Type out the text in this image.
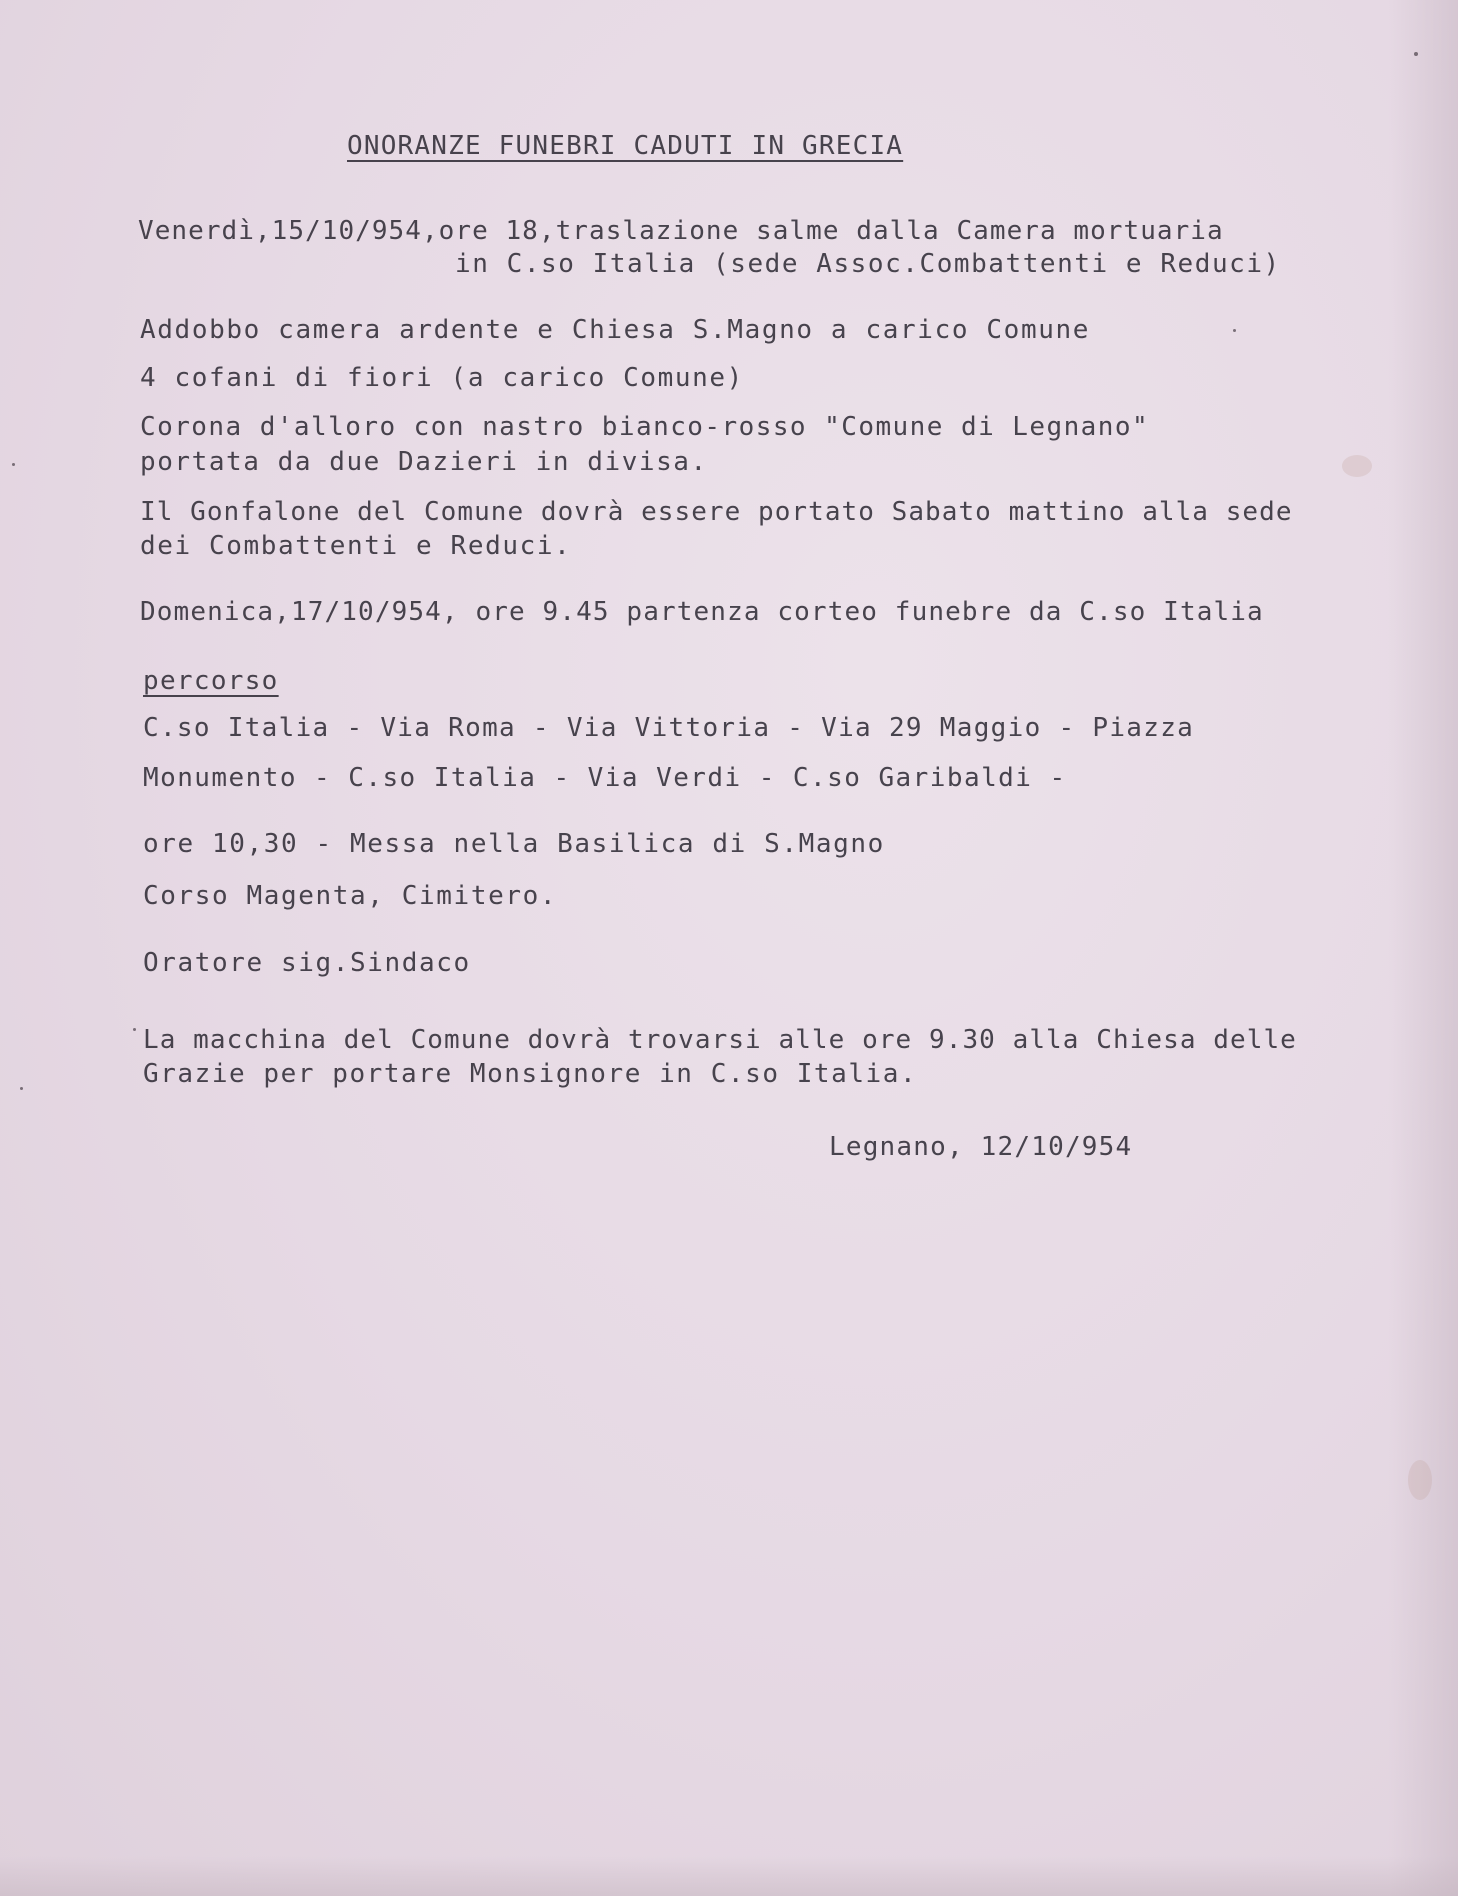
ONORANZE FUNEBRI CADUTI IN GRECIA
Venerdì,15/10/954,ore 18,traslazione salme dalla Camera mortuaria
in C.so Italia (sede Assoc.Combattenti e Reduci)
Addobbo camera ardente e Chiesa S.Magno a carico Comune
4 cofani di fiori (a carico Comune)
Corona d'alloro con nastro bianco-rosso "Comune di Legnano"
portata da due Dazieri in divisa.
Il Gonfalone del Comune dovrà essere portato Sabato mattino alla sede
dei Combattenti e Reduci.
Domenica,17/10/954, ore 9.45 partenza corteo funebre da C.so Italia
percorso
C.so Italia - Via Roma - Via Vittoria - Via 29 Maggio - Piazza
Monumento - C.so Italia - Via Verdi - C.so Garibaldi -
ore 10,30 - Messa nella Basilica di S.Magno
Corso Magenta, Cimitero.
Oratore sig.Sindaco
La macchina del Comune dovrà trovarsi alle ore 9.30 alla Chiesa delle
Grazie per portare Monsignore in C.so Italia.
Legnano, 12/10/954
